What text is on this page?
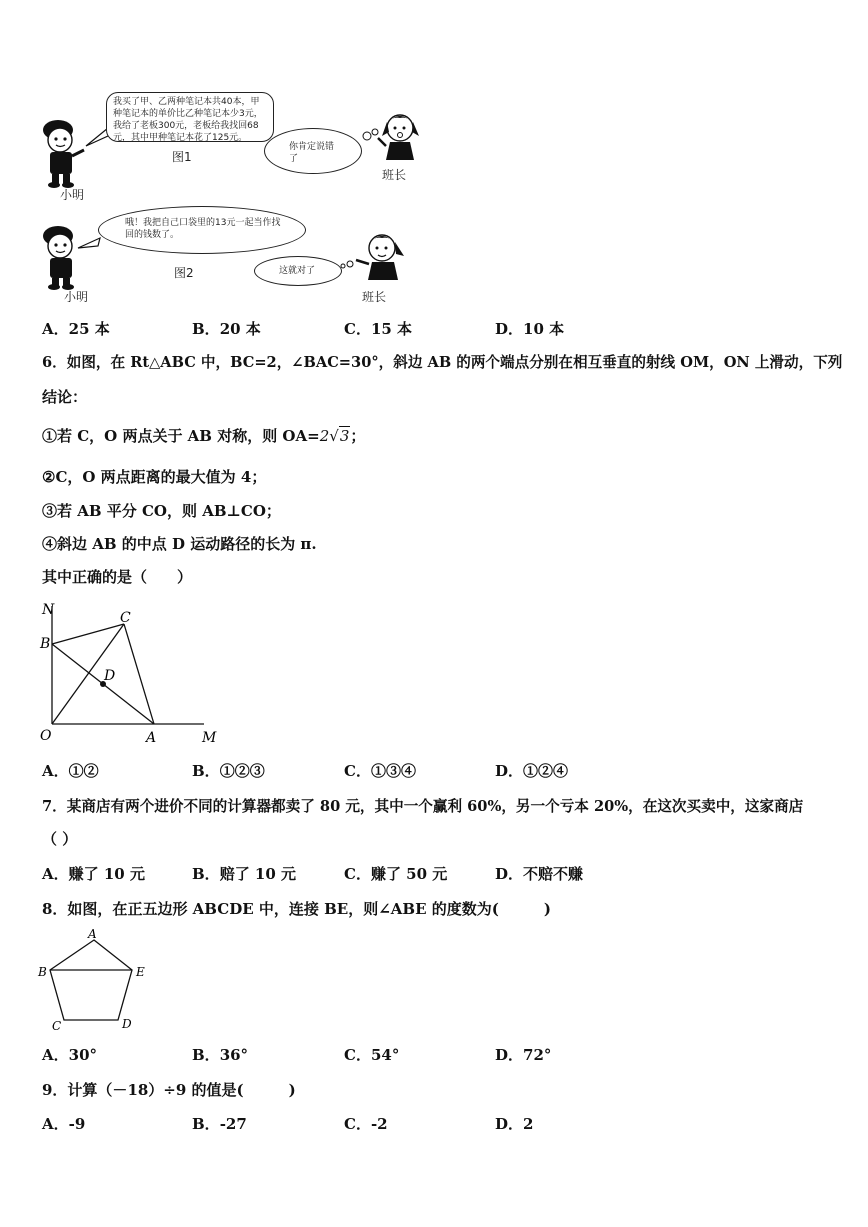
我买了甲、乙两种笔记本共40本，甲种笔记本的单价比乙种笔记本少3元，我给了老板300元，老板给我找回68元，其中甲种笔记本花了125元。
你肯定说错了
图1
小明
班长
哦！我把自己口袋里的13元一起当作找回的钱数了。
这就对了
图2
小明	班长
A．25 本	B．20 本	C．15 本	D．10 本
6．如图，在 Rt△ABC 中，BC=2，∠BAC=30°，斜边 AB 的两个端点分别在相互垂直的射线 OM，ON 上滑动，下列
结论：
①若 C，O 两点关于 AB 对称，则 OA=2√3；
②C，O 两点距离的最大值为 4；
③若 AB 平分 CO，则 AB⊥CO；
④斜边 AB 的中点 D 运动路径的长为 π.
其中正确的是（　　）
N
B
C
D
O	A	M
A．①②	B．①②③	C．①③④	D．①②④
7．某商店有两个进价不同的计算器都卖了 80 元，其中一个赢利 60%，另一个亏本 20%，在这次买卖中，这家商店
（ ）
A．赚了 10 元	B．赔了 10 元	C．赚了 50 元	D．不赔不赚
8．如图，在正五边形 ABCDE 中，连接 BE，则∠ABE 的度数为(　　　)
A
B	E
C	D
A．30°	B．36°	C．54°	D．72°
9．计算（－18）÷9 的值是(　　　)
A．-9	B．-27	C．-2	D．2
